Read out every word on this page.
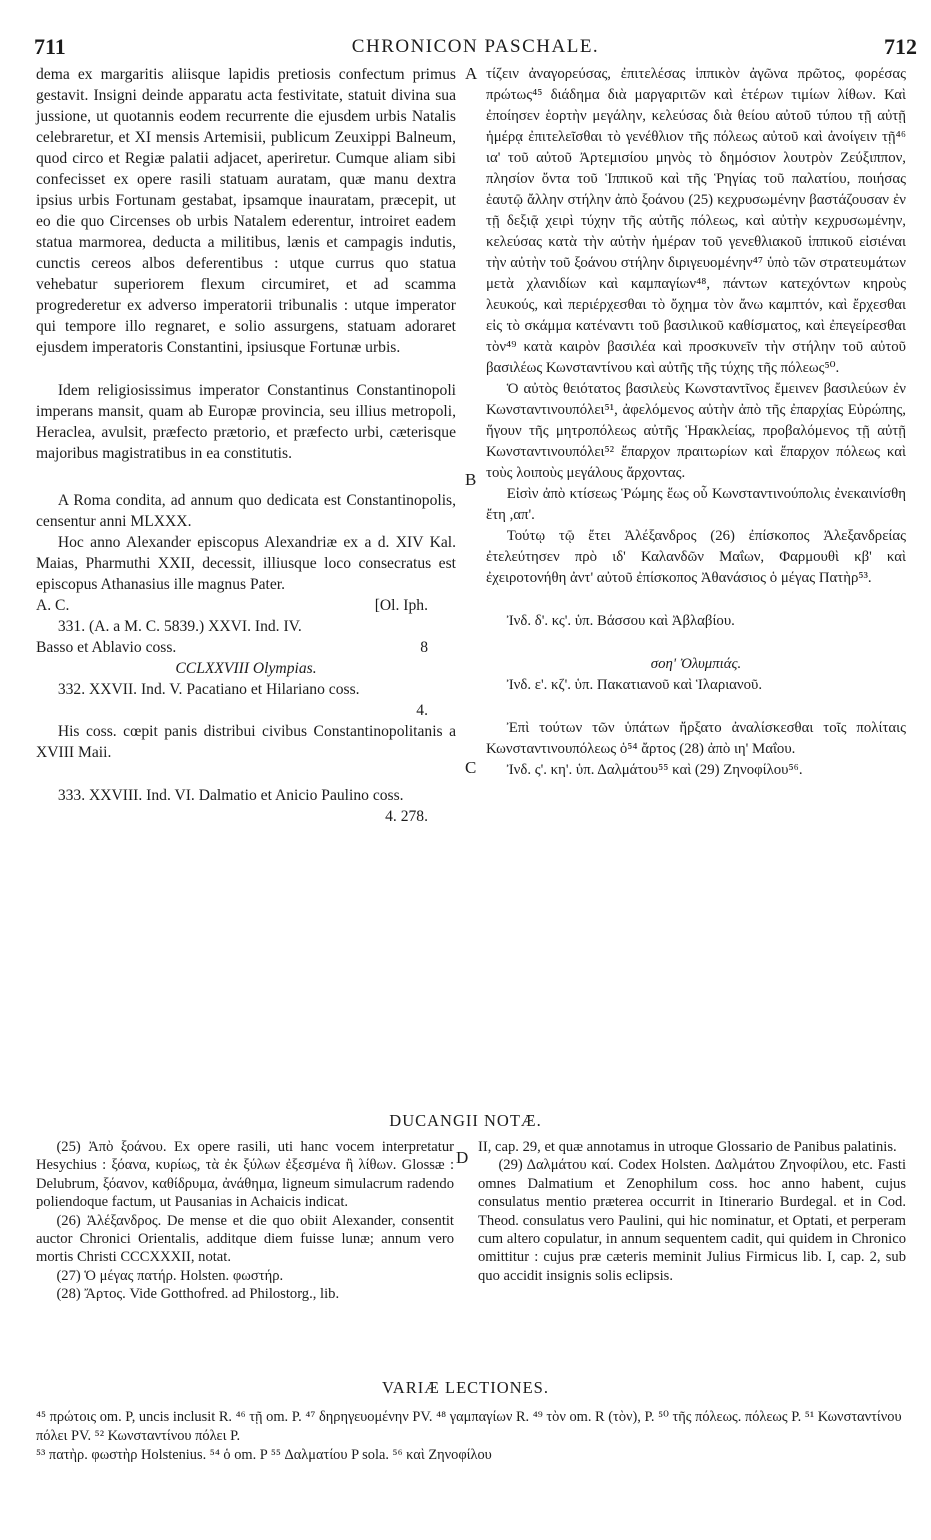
711	CHRONICON PASCHALE.	712
A
B
C
D

dema ex margaritis aliisque lapidis pretiosis confectum primus gestavit. Insigni deinde apparatu acta festivitate, statuit divina sua jussione, ut quotannis eodem recurrente die ejusdem urbis Natalis celebraretur, et XI mensis Artemisii, publicum Zeuxippi Balneum, quod circo et Regiæ palatii adjacet, aperiretur. Cumque aliam sibi confecisset ex opere rasili statuam auratam, quæ manu dextra ipsius urbis Fortunam gestabat, ipsamque inauratam, præcepit, ut eo die quo Circenses ob urbis Natalem ederentur, introiret eadem statua marmorea, deducta a militibus, lænis et campagis indutis, cunctis cereos albos deferentibus : utque currus quo statua vehebatur superiorem flexum circumiret, et ad scamma progrederetur ex adverso imperatorii tribunalis : utque imperator qui tempore illo regnaret, e solio assurgens, statuam adoraret ejusdem imperatoris Constantini, ipsiusque Fortunæ urbis.

Idem religiosissimus imperator Constantinus Constantinopoli imperans mansit, quam ab Europæ provincia, seu illius metropoli, Heraclea, avulsit, præfecto prætorio, et præfecto urbi, cæterisque majoribus magistratibus in ea constitutis.

A Roma condita, ad annum quo dedicata est Constantinopolis, censentur anni MLXXX.

Hoc anno Alexander episcopus Alexandriæ ex a d. XIV Kal. Maias, Pharmuthi XXII, decessit, illiusque loco consecratus est episcopus Athanasius ille magnus Pater.

A. C.	[Ol. Iph.

331. (A. a M. C. 5839.) XXVI. Ind. IV.

Basso et Ablavio coss.	8

CCLXXVIII Olympias.

332. XXVII. Ind. V. Pacatiano et Hilariano coss.

4.

His coss. cœpit panis distribui civibus Constantinopolitanis a XVIII Maii.

333. XXVIII. Ind. VI. Dalmatio et Anicio Paulino coss.

4. 278.

τίζειν ἀναγορεύσας, ἐπιτελέσας ἱππικὸν ἀγῶνα πρῶτος, φορέσας πρώτως⁴⁵ διάδημα διὰ μαργαριτῶν καὶ ἑτέρων τιμίων λίθων. Καὶ ἐποίησεν ἑορτὴν μεγάλην, κελεύσας διὰ θείου αὐτοῦ τύπου τῇ αὐτῇ ἡμέρᾳ ἐπιτελεῖσθαι τὸ γενέθλιον τῆς πόλεως αὐτοῦ καὶ ἀνοίγειν τῇ⁴⁶ ια' τοῦ αὐτοῦ Ἀρτεμισίου μηνὸς τὸ δημόσιον λουτρὸν Ζεύξιππον, πλησίον ὄντα τοῦ Ἱππικοῦ καὶ τῆς Ῥηγίας τοῦ παλατίου, ποιήσας ἑαυτῷ ἄλλην στήλην ἀπὸ ξοάνου (25) κεχρυσωμένην βαστάζουσαν ἐν τῇ δεξιᾷ χειρὶ τύχην τῆς αὐτῆς πόλεως, καὶ αὐτὴν κεχρυσωμένην, κελεύσας κατὰ τὴν αὐτὴν ἡμέραν τοῦ γενεθλιακοῦ ἱππικοῦ εἰσιέναι τὴν αὐτὴν τοῦ ξοάνου στήλην διριγευομένην⁴⁷ ὑπὸ τῶν στρατευμάτων μετὰ χλανιδίων καὶ καμπαγίων⁴⁸, πάντων κατεχόντων κηροὺς λευκούς, καὶ περιέρχεσθαι τὸ ὄχημα τὸν ἄνω καμπτόν, καὶ ἔρχεσθαι εἰς τὸ σκάμμα κατέναντι τοῦ βασιλικοῦ καθίσματος, καὶ ἐπεγείρεσθαι τὸν⁴⁹ κατὰ καιρὸν βασιλέα καὶ προσκυνεῖν τὴν στήλην τοῦ αὐτοῦ βασιλέως Κωνσταντίνου καὶ αὐτῆς τῆς τύχης τῆς πόλεως⁵⁰.

Ὁ αὐτὸς θειότατος βασιλεὺς Κωνσταντῖνος ἔμεινεν βασιλεύων ἐν Κωνσταντινουπόλει⁵¹, ἀφελόμενος αὐτὴν ἀπὸ τῆς ἐπαρχίας Εὐρώπης, ἥγουν τῆς μητροπόλεως αὐτῆς Ἡρακλείας, προβαλόμενος τῇ αὐτῇ Κωνσταντινουπόλει⁵² ἔπαρχον πραιτωρίων καὶ ἔπαρχον πόλεως καὶ τοὺς λοιποὺς μεγάλους ἄρχοντας.

Εἰσὶν ἀπὸ κτίσεως Ῥώμης ἕως οὗ Κωνσταντινούπολις ἐνεκαινίσθη ἔτη ,απ'.

Τούτῳ τῷ ἔτει Ἀλέξανδρος (26) ἐπίσκοπος Ἀλεξανδρείας ἐτελεύτησεν πρὸ ιδ' Καλανδῶν Μαΐων, Φαρμουθὶ κβ' καὶ ἐχειροτονήθη ἀντ' αὐτοῦ ἐπίσκοπος Ἀθανάσιος ὁ μέγας Πατὴρ⁵³.

Ἰνδ. δ'. κς'. ὑπ. Βάσσου καὶ Ἀβλαβίου.

σοη' Ὀλυμπιάς.

Ἰνδ. ε'. κζ'. ὑπ. Πακατιανοῦ καὶ Ἱλαριανοῦ.

Ἐπὶ τούτων τῶν ὑπάτων ἤρξατο ἀναλίσκεσθαι τοῖς πολίταις Κωνσταντινουπόλεως ὁ⁵⁴ ἄρτος (28) ἀπὸ ιη' Μαΐου.

Ἰνδ. ς'. κη'. ὑπ. Δαλμάτου⁵⁵ καὶ (29) Ζηνοφίλου⁵⁶.

DUCANGII NOTÆ.

(25) Ἀπὸ ξοάνου. Ex opere rasili, uti hanc vocem interpretatur Hesychius : ξόανα, κυρίως, τὰ ἐκ ξύλων ἐξεσμένα ἢ λίθων. Glossæ : Delubrum, ξόανον, καθίδρυμα, ἀνάθημα, ligneum simulacrum radendo poliendoque factum, ut Pausanias in Achaicis indicat.

(26) Ἀλέξανδρος. De mense et die quo obiit Alexander, consentit auctor Chronici Orientalis, additque diem fuisse lunæ; annum vero mortis Christi CCCXXXII, notat.

(27) Ὁ μέγας πατήρ. Holsten. φωστήρ.

(28) Ἄρτος. Vide Gotthofred. ad Philostorg., lib.

II, cap. 29, et quæ annotamus in utroque Glossario de Panibus palatinis.

(29) Δαλμάτου καί. Codex Holsten. Δαλμάτου Ζηνοφίλου, etc. Fasti omnes Dalmatium et Zenophilum coss. hoc anno habent, cujus consulatus mentio præterea occurrit in Itinerario Burdegal. et in Cod. Theod. consulatus vero Paulini, qui hic nominatur, et Optati, et perperam cum altero copulatur, in annum sequentem cadit, qui quidem in Chronico omittitur : cujus præ cæteris meminit Julius Firmicus lib. I, cap. 2, sub quo accidit insignis solis eclipsis.

VARIÆ LECTIONES.

⁴⁵ πρώτοις om. P, uncis inclusit R. ⁴⁶ τῇ om. P. ⁴⁷ δηρηγευομένην PV. ⁴⁸ γαμπαγίων R. ⁴⁹ τὸν om. R (τὸν), P. ⁵⁰ τῆς πόλεως. πόλεως P. ⁵¹ Κωνσταντίνου πόλει PV. ⁵² Κωνσταντίνου πόλει P.

⁵³ πατὴρ. φωστὴρ Holstenius. ⁵⁴ ὁ om. P ⁵⁵ Δαλματίου P sola. ⁵⁶ καὶ Ζηνοφίλου
